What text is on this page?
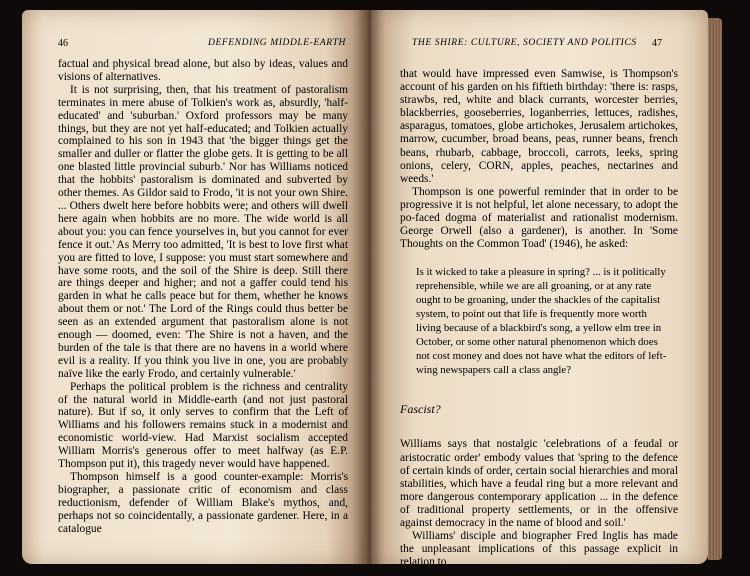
46	DEFENDING MIDDLE-EARTH	THE SHIRE: CULTURE, SOCIETY AND POLITICS 47

factual and physical bread alone, but also by ideas, values and visions of alternatives.

It is not surprising, then, that his treatment of pastoralism terminates in mere abuse of Tolkien's work as, absurdly, 'half-educated' and 'suburban.' Oxford professors may be many things, but they are not yet half-educated; and Tolkien actually complained to his son in 1943 that 'the bigger things get the smaller and duller or flatter the globe gets. It is getting to be all one blasted little provincial suburb.' Nor has Williams noticed that the hobbits' pastoralism is dominated and subverted by other themes. As Gildor said to Frodo, 'it is not your own Shire. ... Others dwelt here before hobbits were; and others will dwell here again when hobbits are no more. The wide world is all about you: you can fence yourselves in, but you cannot for ever fence it out.' As Merry too admitted, 'It is best to love first what you are fitted to love, I suppose: you must start somewhere and have some roots, and the soil of the Shire is deep. Still there are things deeper and higher; and not a gaffer could tend his garden in what he calls peace but for them, whether he knows about them or not.' The Lord of the Rings could thus better be seen as an extended argument that pastoralism alone is not enough — doomed, even: 'The Shire is not a haven, and the burden of the tale is that there are no havens in a world where evil is a reality. If you think you live in one, you are probably naïve like the early Frodo, and certainly vulnerable.'

Perhaps the political problem is the richness and centrality of the natural world in Middle-earth (and not just pastoral nature). But if so, it only serves to confirm that the Left of Williams and his followers remains stuck in a modernist and economistic world-view. Had Marxist socialism accepted William Morris's generous offer to meet halfway (as E.P. Thompson put it), this tragedy never would have happened.

Thompson himself is a good counter-example: Morris's biographer, a passionate critic of economism and class reductionism, defender of William Blake's mythos, and, perhaps not so coincidentally, a passionate gardener. Here, in a catalogue

that would have impressed even Samwise, is Thompson's account of his garden on his fiftieth birthday: 'there is: rasps, strawbs, red, white and black currants, worcester berries, blackberries, gooseberries, loganberries, lettuces, radishes, asparagus, tomatoes, globe artichokes, Jerusalem artichokes, marrow, cucumber, broad beans, peas, runner beans, french beans, rhubarb, cabbage, broccoli, carrots, leeks, spring onions, celery, CORN, apples, peaches, nectarines and weeds.'

Thompson is one powerful reminder that in order to be progressive it is not helpful, let alone necessary, to adopt the po-faced dogma of materialist and rationalist modernism. George Orwell (also a gardener), is another. In 'Some Thoughts on the Common Toad' (1946), he asked:

Is it wicked to take a pleasure in spring? ... is it politically reprehensible, while we are all groaning, or at any rate ought to be groaning, under the shackles of the capitalist system, to point out that life is frequently more worth living because of a blackbird's song, a yellow elm tree in October, or some other natural phenomenon which does not cost money and does not have what the editors of left-wing newspapers call a class angle?

Fascist?

Williams says that nostalgic 'celebrations of a feudal or aristocratic order' embody values that 'spring to the defence of certain kinds of order, certain social hierarchies and moral stabilities, which have a feudal ring but a more relevant and more dangerous contemporary application ... in the defence of traditional property settlements, or in the offensive against democracy in the name of blood and soil.'

Williams' disciple and biographer Fred Inglis has made the unpleasant implications of this passage explicit in relation to
